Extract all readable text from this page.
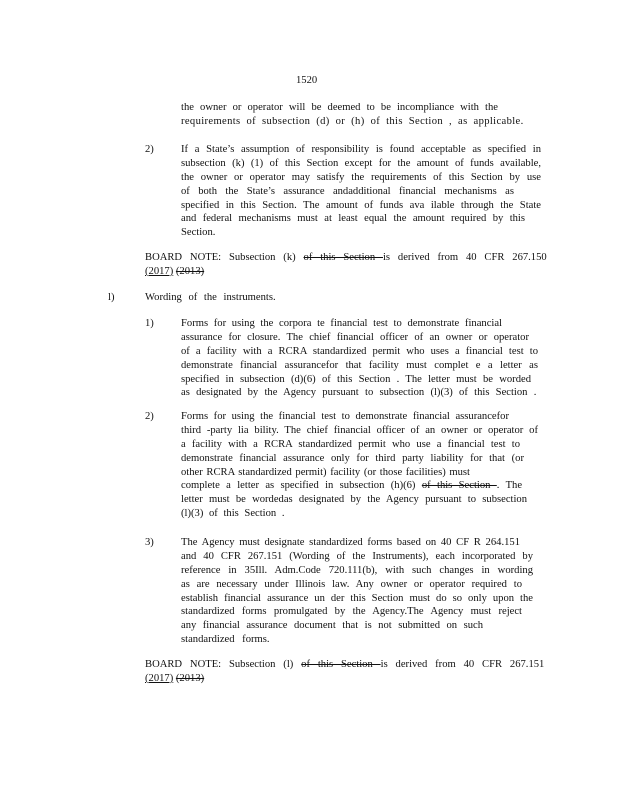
1520
the owner or operator will be deemed to be incompliance with the
requirements of subsection (d) or (h) of this Section , as applicable.
2)	If a State’s assumption of responsibility is found acceptable as specified in
subsection (k) (1) of this Section except for the amount of funds available,
the owner or operator may satisfy the requirements of this Section by use
of both the State’s assurance andadditional financial mechanisms as
specified in this Section. The amount of funds ava ilable through the State
and federal mechanisms must at least equal the amount required by this
Section.
BOARD NOTE: Subsection (k) of this Section is derived from 40 CFR 267.150
(2017) (2013)
l)	Wording of the instruments.
1)	Forms for using the corpora te financial test to demonstrate financial
assurance for closure. The chief financial officer of an owner or operator
of a facility with a RCRA standardized permit who uses a financial test to
demonstrate financial assurancefor that facility must complet e a letter as
specified in subsection (d)(6) of this Section . The letter must be worded
as designated by the Agency pursuant to subsection (l)(3) of this Section .
2)	Forms for using the financial test to demonstrate financial assurancefor
third -party lia bility. The chief financial officer of an owner or operator of
a facility with a RCRA standardized permit who use a financial test to
demonstrate financial assurance only for third party liability for that (or
other RCRA standardized permit) facility (or those facilities) must
complete a letter as specified in subsection (h)(6) of this Section . The
letter must be wordedas designated by the Agency pursuant to subsection
(l)(3) of this Section .
3)	The Agency must designate standardized forms based on 40 CF R 264.151
and 40 CFR 267.151 (Wording of the Instruments), each incorporated by
reference in 35Ill. Adm.Code 720.111(b), with such changes in wording
as are necessary under Illinois law. Any owner or operator required to
establish financial assurance un der this Section must do so only upon the
standardized forms promulgated by the Agency.The Agency must reject
any financial assurance document that is not submitted on such
standardized forms.
BOARD NOTE: Subsection (l) of this Section is derived from 40 CFR 267.151
(2017) (2013)
